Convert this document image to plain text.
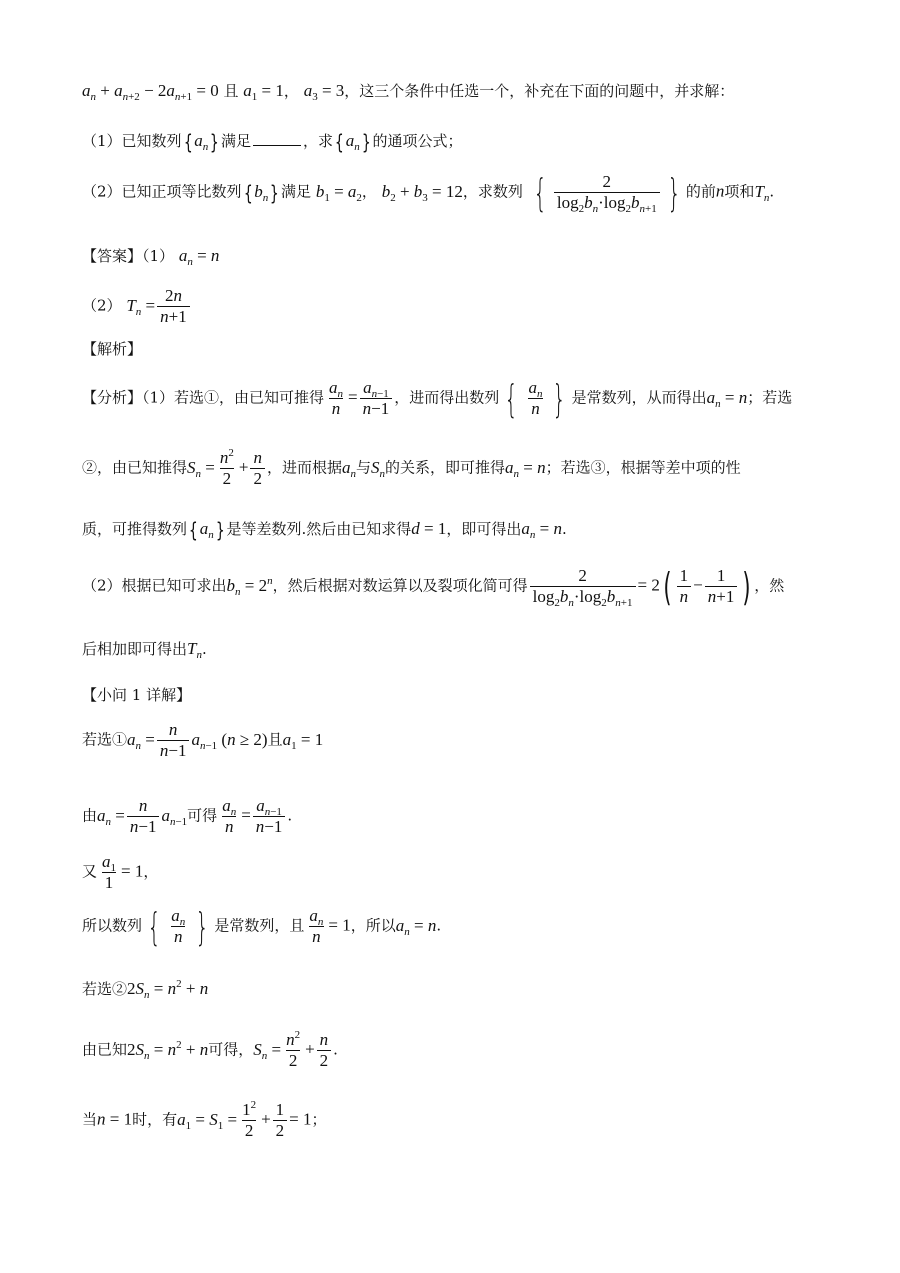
$a_n + a_{n+2} - 2a_{n+1} = 0$ 且 $a_1 = 1$， $a_3 = 3$，这三个条件中任选一个，补充在下面的问题中，并求解：
（1）已知数列{ $a_n$} 满足	，求{ $a_n$} 的通项公式；
（2）已知正项等比数列{ $b_n$} 满足 $b_1 = a_2$， $b_2 + b_3 = 12$，求数列 { $\frac{2}{\log_2b_n\cdot\log_2b_{n+1}}$ } 的前n项和$T_n$.
【答案】（1） $a_n = n$
（2） $T_n = \frac{2n}{n+1}$
【解析】
【分析】（1）若选①，由已知可推得 $\frac{a_n}{n} = \frac{a_{n-1}}{n-1}$ ，进而得出数列 { $\frac{a_n}{n}$ } 是常数列，从而得出$a_n = n$；若选
②，由已知推得$S_n = \frac{n^2}{2} + \frac{n}{2}$ ，进而根据$a_n$与$S_n$的关系，即可推得$a_n = n$；若选③，根据等差中项的性
质，可推得数列{ $a_n$} 是等差数列.然后由已知求得d = 1，即可得出$a_n = n$.
（2）根据已知可求出$b_n = 2^n$，然后根据对数运算以及裂项化简可得 $\frac{2}{\log_2b_n\cdot\log_2b_{n+1}} = 2( \frac{1}{n} - \frac{1}{n+1}$ ) ，然
后相加即可得出$T_n$.
【小问 1 详解】
若选$①a_n = \frac{n}{n-1} a_{n-1}$ (n ≥ 2)且$a_1 = 1$
由$a_n = \frac{n}{n-1} a_{n-1}$可得 $\frac{a_n}{n} = \frac{a_{n-1}}{n-1}$ .
又 $\frac{a_1}{1} = 1$，
所以数列 { $\frac{a_n}{n}$ } 是常数列，且 $\frac{a_n}{n} = 1$，所以$a_n = n$.
若选$②2S_n = n^2 + n$
由已知$2S_n = n^2 + n$可得，$S_n = \frac{n^2}{2} + \frac{n}{2}$ .
当n = 1时，有$a_1 = S_1 = \frac{1^2}{2} + \frac{1}{2} = 1$；
